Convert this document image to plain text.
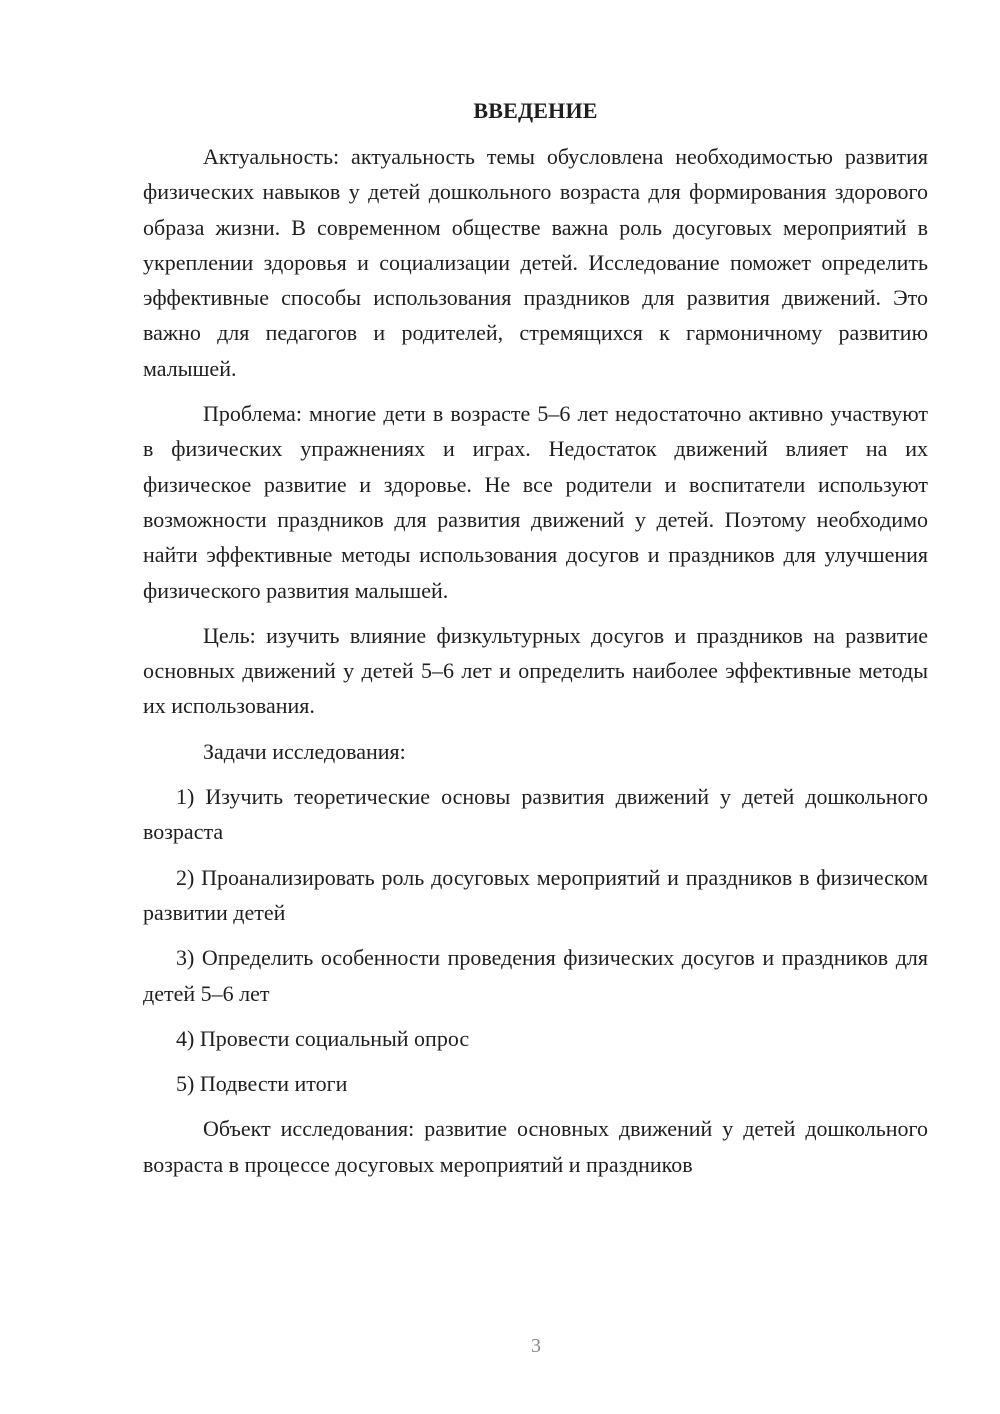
ВВЕДЕНИЕ

Актуальность: актуальность темы обусловлена необходимостью развития физических навыков у детей дошкольного возраста для формирования здорового образа жизни. В современном обществе важна роль досуговых мероприятий в укреплении здоровья и социализации детей. Исследование поможет определить эффективные способы использования праздников для развития движений. Это важно для педагогов и родителей, стремящихся к гармоничному развитию малышей.

Проблема: многие дети в возрасте 5–6 лет недостаточно активно участвуют в физических упражнениях и играх. Недостаток движений влияет на их физическое развитие и здоровье. Не все родители и воспитатели используют возможности праздников для развития движений у детей. Поэтому необходимо найти эффективные методы использования досугов и праздников для улучшения физического развития малышей.

Цель: изучить влияние физкультурных досугов и праздников на развитие основных движений у детей 5–6 лет и определить наиболее эффективные методы их использования.

Задачи исследования:

1) Изучить теоретические основы развития движений у детей дошкольного возраста

2) Проанализировать роль досуговых мероприятий и праздников в физическом развитии детей

3) Определить особенности проведения физических досугов и праздников для детей 5–6 лет

4) Провести социальный опрос

5) Подвести итоги

Объект исследования: развитие основных движений у детей дошкольного возраста в процессе досуговых мероприятий и праздников

3
